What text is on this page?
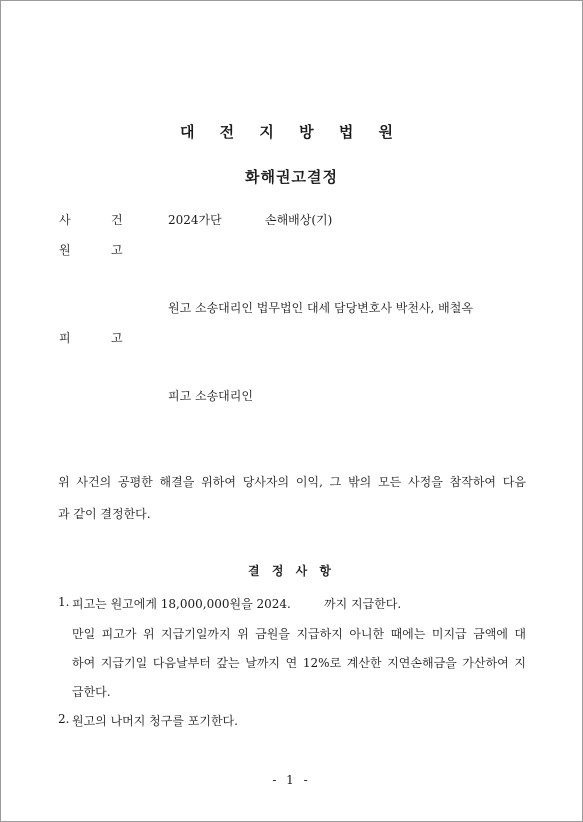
대 전 지 방 법 원
화해권고결정
사	건	2024가단	손해배상(기)
원	고
원고 소송대리인 법무법인 대세 담당변호사 박천사, 배철옥
피	고
피고 소송대리인
위 사건의 공평한 해결을 위하여 당사자의 이익, 그 밖의 모든 사정을 참작하여 다음
과 같이 결정한다.
결 정 사 항
1. 피고는 원고에게 18,000,000원을 2024.	까지 지급한다.
만일 피고가 위 지급기일까지 위 금원을 지급하지 아니한 때에는 미지급 금액에 대
하여 지급기일 다음날부터 갚는 날까지 연 12%로 계산한 지연손해금을 가산하여 지
급한다.
2. 원고의 나머지 청구를 포기한다.
- 1 -
